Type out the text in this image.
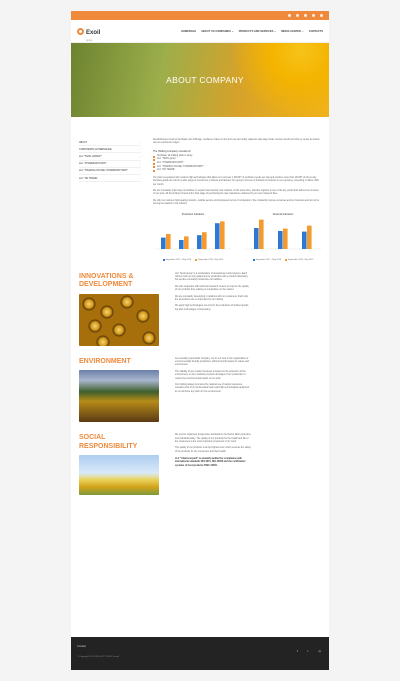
Exoil
group
HOMEPAGE ABOUT US COMPANIES ⌄ PRODUCTS AND SERVICES ⌄ MEDIA CENTER ⌄ CONTACTS
ABOUT COMPANY
ABOUT	›
CORPORATE GOVERNANCE	›
LLC "TEXIL GROUP"	›
LLC "CHARMOZOYARTI"	›
LLC "TRADING HOUSE "CHARMOZOYARTI"	›
LLC "NK TRADE"	›

Ziemlichbeeren heeft tot de Raad voor Arbitrage. Verdienen zaken in de buurt van het bedrijf, waarvoor elke dag minder mensen wordt verzocht en verder de kosten van de overheid te volgen.

The Holding Company consists of:
Sunflower oil bottling plant in Linay
LLC "TEXIL group"
LLC "CHARMOZOYARTI"
LLC "TRADING HOUSE "CHARMOZOYARTI"
LLC "NK TRADE"

Our plant is equipped with modern high-technologies that allow us to process 1 000 MT of sunflower seeds per day and produce more than 400 MT of oil per day. Finished goods are sold to a wide range of consumers in Russia and abroad. Our group's turnover of finished oil products is ever growing, exceeding 1 million USD per month.

We are constantly improving our facilities to expand and develop new markets. At the same time, effective logistics is one of the key points that defines the success of our work. All the finished oil and at the final stage of purchasing the raw material are delivered by our own transport fleet.

We offer our partners high-quality products, reliable service and transparent terms of cooperation. We constantly improve ourselves and our business and aim to be among the leaders in the industry.

Production Indicators
September 2017 - May 2018	September 2018 - May 2019
Financial Indicators
September 2017 - May 2018	September 2018 - May 2019
INNOVATIONS & DEVELOPMENT

LLC "Exoil group" is a combination of development and progress. Each refinery has not only equipment for production with a modern laboratory, but we also constantly modernize our facilities.

We also cooperate with technical research centers to improve the quality of our products thus making us competitive on the market.

We are constantly developing in relations with our customers, that's why the innovations are so important for our holding.

We apply high technologies not only for the production of finished goods, but also at all stages of processing.

ENVIRONMENT	As a socially responsible company, we do our best in the organization of environmentally friendly production, without harmful waste for nature and environment.

The stability of any modern business is based on the protection of the environment, so we constantly improve all stages of our production to reduce the environmental impact of our work.

Our holding always promotes the rational use of natural resources, constant work of our professional team and high technological equipment let us minimize any harm for the environment.

SOCIAL RESPONSIBILITY

We tend to implement progressive standards in the field of labor protection and industrial safety. The quality of our products for the health and life of the consumers is the most important component of our work.

The quality of our products is at the highest level, which ensures the safety of the products for the consumers and their health.

LLC "Charmozoyarti" is annually audited for compliance with international standards ISO 9001, ISO 22000 and the certification systems of food products FSSC 22000.

Contact
© Copyright 2017-2019 | ИП "TEXIL Group"
f	t	◎
